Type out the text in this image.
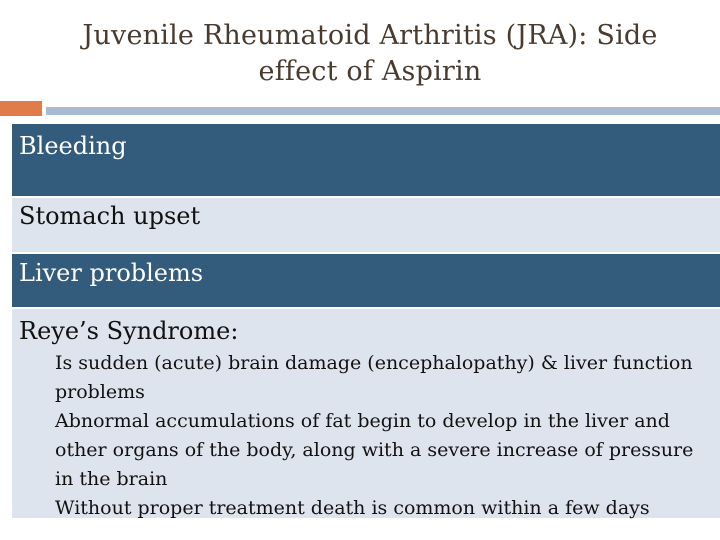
Juvenile Rheumatoid Arthritis (JRA): Side
effect of Aspirin
Bleeding
Stomach upset
Liver problems
Reye’s Syndrome:
Is sudden (acute) brain damage (encephalopathy) & liver function problems
Abnormal accumulations of fat begin to develop in the liver and other organs of the body, along with a severe increase of pressure in the brain
Without proper treatment death is common within a few days
